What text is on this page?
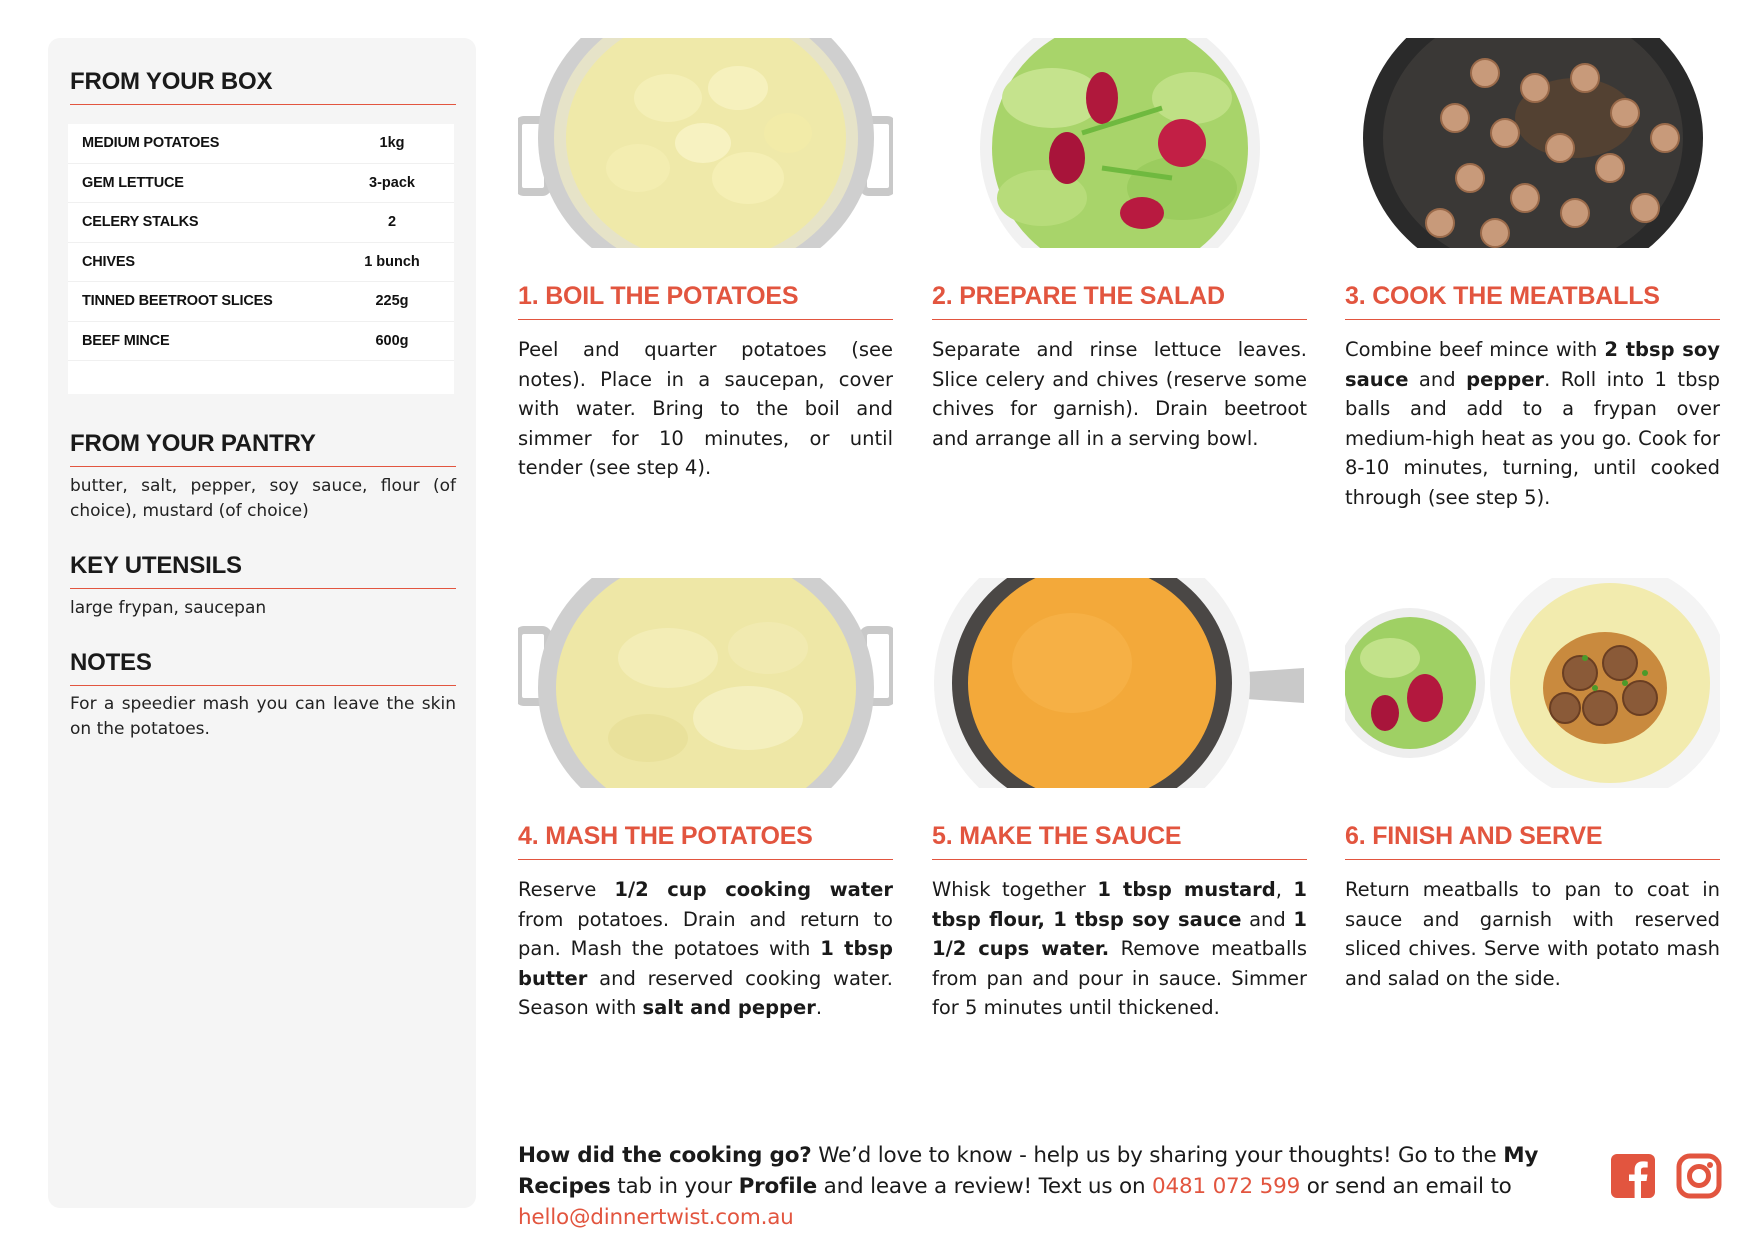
FROM YOUR BOX
MEDIUM POTATOES	1kg
GEM LETTUCE	3-pack
CELERY STALKS	2
CHIVES	1 bunch
TINNED BEETROOT SLICES	225g
BEEF MINCE	600g
FROM YOUR PANTRY

butter, salt, pepper, soy sauce, flour (of choice), mustard (of choice)

KEY UTENSILS

large frypan, saucepan

NOTES

For a speedier mash you can leave the skin on the potatoes.

1. BOIL THE POTATOES

Peel and quarter potatoes (see notes). Place in a saucepan, cover with water. Bring to the boil and simmer for 10 minutes, or until tender (see step 4).

2. PREPARE THE SALAD

Separate and rinse lettuce leaves. Slice celery and chives (reserve some chives for garnish). Drain beetroot and arrange all in a serving bowl.

3. COOK THE MEATBALLS

Combine beef mince with 2 tbsp soy sauce and pepper. Roll into 1 tbsp balls and add to a frypan over medium-high heat as you go. Cook for 8-10 minutes, turning, until cooked through (see step 5).

4. MASH THE POTATOES

Reserve 1/2 cup cooking water from potatoes. Drain and return to pan. Mash the potatoes with 1 tbsp butter and reserved cooking water. Season with salt and pepper.

5. MAKE THE SAUCE

Whisk together 1 tbsp mustard, 1 tbsp flour, 1 tbsp soy sauce and 1 1/2 cups water. Remove meatballs from pan and pour in sauce. Simmer for 5 minutes until thickened.

6. FINISH AND SERVE

Return meatballs to pan to coat in sauce and garnish with reserved sliced chives. Serve with potato mash and salad on the side.

How did the cooking go? We’d love to know - help us by sharing your thoughts! Go to the My Recipes tab in your Profile and leave a review! Text us on 0481 072 599 or send an email to hello@dinnertwist.com.au
